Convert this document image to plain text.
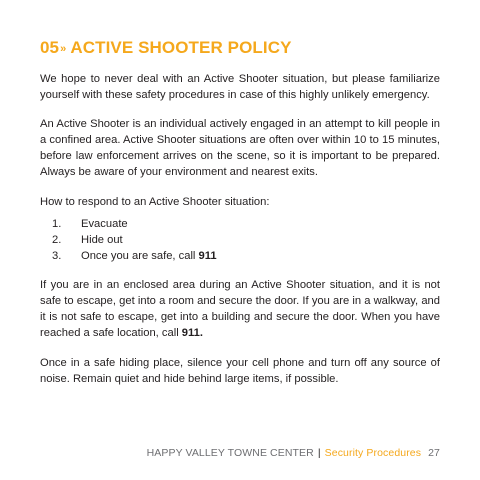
05 » ACTIVE SHOOTER POLICY

We hope to never deal with an Active Shooter situation, but please familiarize yourself with these safety procedures in case of this highly unlikely emergency.

An Active Shooter is an individual actively engaged in an attempt to kill people in a confined area. Active Shooter situations are often over within 10 to 15 minutes, before law enforcement arrives on the scene, so it is important to be prepared. Always be aware of your environment and nearest exits.

How to respond to an Active Shooter situation:

1.	Evacuate
2.	Hide out
3.	Once you are safe, call 911

If you are in an enclosed area during an Active Shooter situation, and it is not safe to escape, get into a room and secure the door. If you are in a walkway, and it is not safe to escape, get into a building and secure the door. When you have reached a safe location, call 911.

Once in a safe hiding place, silence your cell phone and turn off any source of noise. Remain quiet and hide behind large items, if possible.

HAPPY VALLEY TOWNE CENTER | Security Procedures 27
